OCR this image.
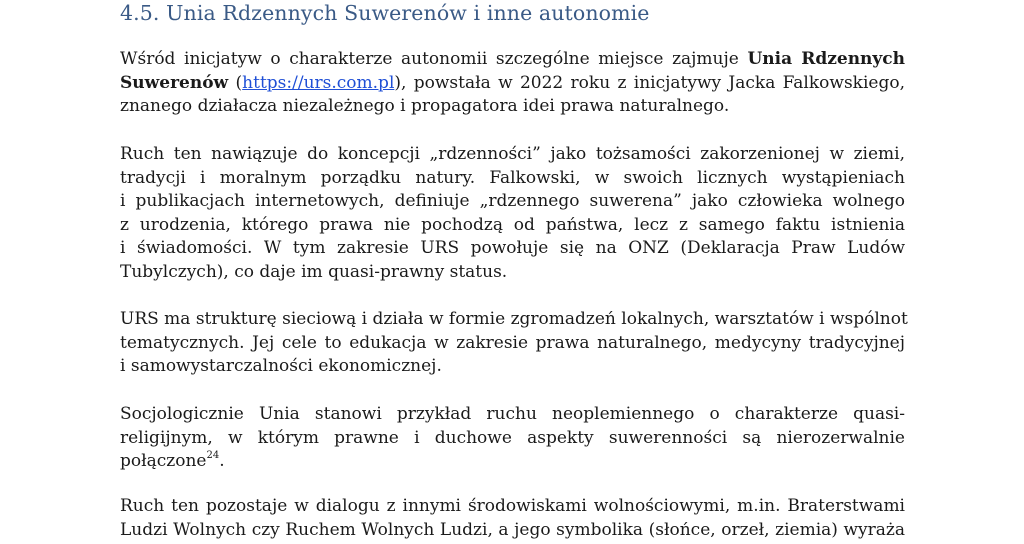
4.5. Unia Rdzennych Suwerenów i inne autonomie
Wśród inicjatyw o charakterze autonomii szczególne miejsce zajmuje Unia Rdzennych
Suwerenów (https://urs.com.pl), powstała w 2022 roku z inicjatywy Jacka Falkowskiego,
znanego działacza niezależnego i propagatora idei prawa naturalnego.
Ruch ten nawiązuje do koncepcji „rdzenności” jako tożsamości zakorzenionej w ziemi,
tradycji i moralnym porządku natury. Falkowski, w swoich licznych wystąpieniach
i publikacjach internetowych, definiuje „rdzennego suwerena” jako człowieka wolnego
z urodzenia, którego prawa nie pochodzą od państwa, lecz z samego faktu istnienia
i świadomości. W tym zakresie URS powołuje się na ONZ (Deklaracja Praw Ludów
Tubylczych), co daje im quasi-prawny status.
URS ma strukturę sieciową i działa w formie zgromadzeń lokalnych, warsztatów i wspólnot
tematycznych. Jej cele to edukacja w zakresie prawa naturalnego, medycyny tradycyjnej
i samowystarczalności ekonomicznej.
Socjologicznie Unia stanowi przykład ruchu neoplemiennego o charakterze quasi-
religijnym, w którym prawne i duchowe aspekty suwerenności są nierozerwalnie
połączone$^{24}$.
Ruch ten pozostaje w dialogu z innymi środowiskami wolnościowymi, m.in. Braterstwami
Ludzi Wolnych czy Ruchem Wolnych Ludzi, a jego symbolika (słońce, orzeł, ziemia) wyraża
